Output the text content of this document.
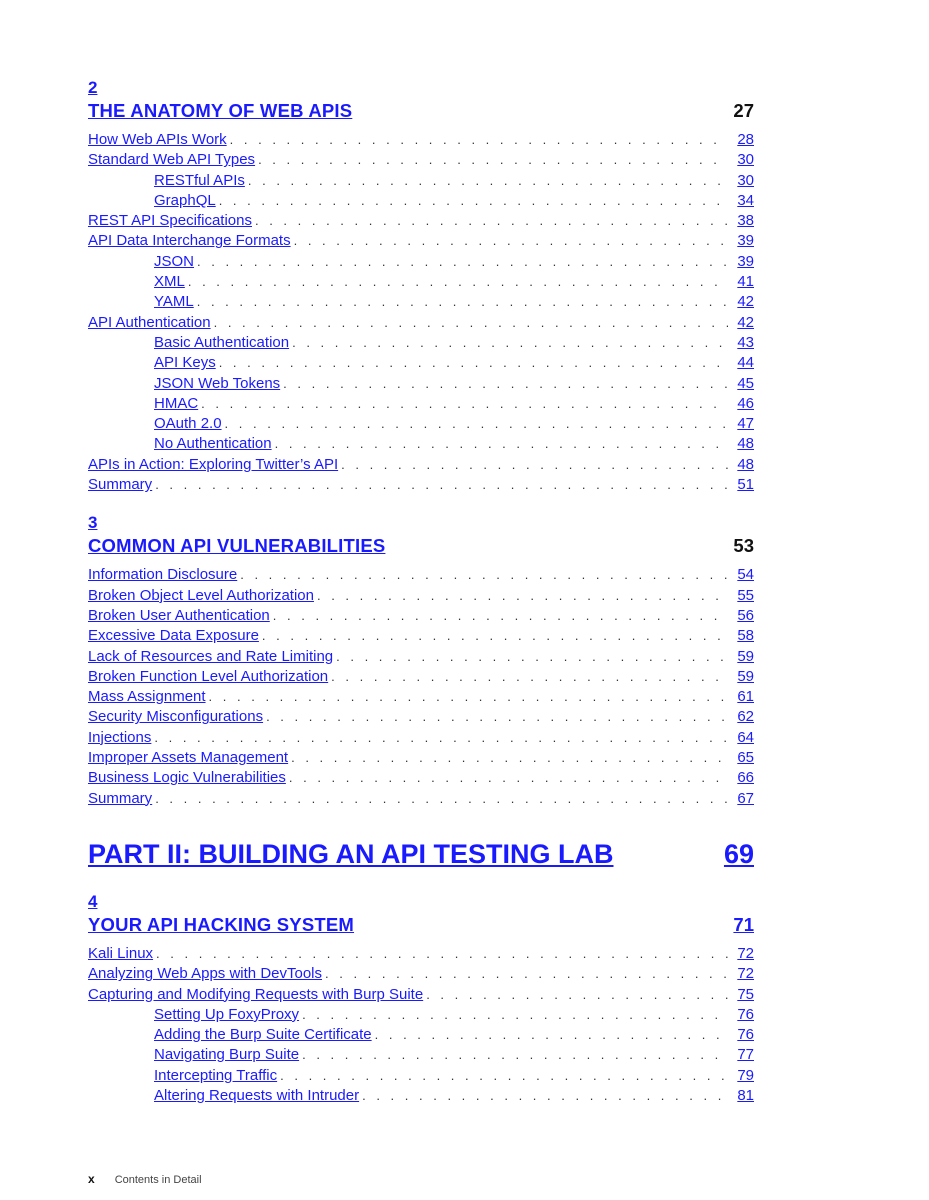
2
THE ANATOMY OF WEB APIS	27
How Web APIs Work . . .	28
Standard Web API Types . . .	30
RESTful APIs . . .	30
GraphQL . . .	34
REST API Specifications . . .	38
API Data Interchange Formats . . .	39
JSON . . .	39
XML . . .	41
YAML . . .	42
API Authentication . . .	42
Basic Authentication . . .	43
API Keys . . .	44
JSON Web Tokens . . .	45
HMAC . . .	46
OAuth 2.0 . . .	47
No Authentication . . .	48
APIs in Action: Exploring Twitter’s API . . .	48
Summary . . .	51
3
COMMON API VULNERABILITIES	53
Information Disclosure . . .	54
Broken Object Level Authorization . . .	55
Broken User Authentication . . .	56
Excessive Data Exposure . . .	58
Lack of Resources and Rate Limiting . . .	59
Broken Function Level Authorization . . .	59
Mass Assignment . . .	61
Security Misconfigurations . . .	62
Injections . . .	64
Improper Assets Management . . .	65
Business Logic Vulnerabilities . . .	66
Summary . . .	67
PART II: BUILDING AN API TESTING LAB	69
4
YOUR API HACKING SYSTEM	71
Kali Linux . . .	72
Analyzing Web Apps with DevTools . . .	72
Capturing and Modifying Requests with Burp Suite . . .	75
Setting Up FoxyProxy . . .	76
Adding the Burp Suite Certificate . . .	76
Navigating Burp Suite . . .	77
Intercepting Traffic . . .	79
Altering Requests with Intruder . . .	81
x Contents in Detail
